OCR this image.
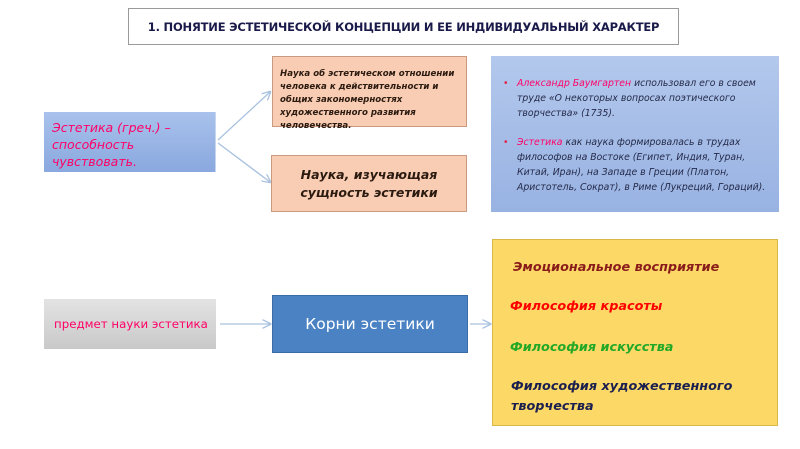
1. ПОНЯТИЕ ЭСТЕТИЧЕСКОЙ КОНЦЕПЦИИ И ЕЕ ИНДИВИДУАЛЬНЫЙ ХАРАКТЕР
Эстетика (греч.) – способность чувствовать.
Наука об эстетическом отношении человека к действительности и общих закономерностях художественного развития человечества.
Наука, изучающая сущность эстетики
• Александр Баумгартен использовал его в своем труде «О некоторых вопросах поэтического творчества» (1735).
• Эстетика как наука формировалась в трудах философов на Востоке (Египет, Индия, Туран, Китай, Иран), на Западе в Греции (Платон, Аристотель, Сократ), в Риме (Лукреций, Гораций).
предмет науки эстетика	Корни эстетики
Эмоциональное восприятие
Философия красоты
Философия искусства
Философия художественного творчества
